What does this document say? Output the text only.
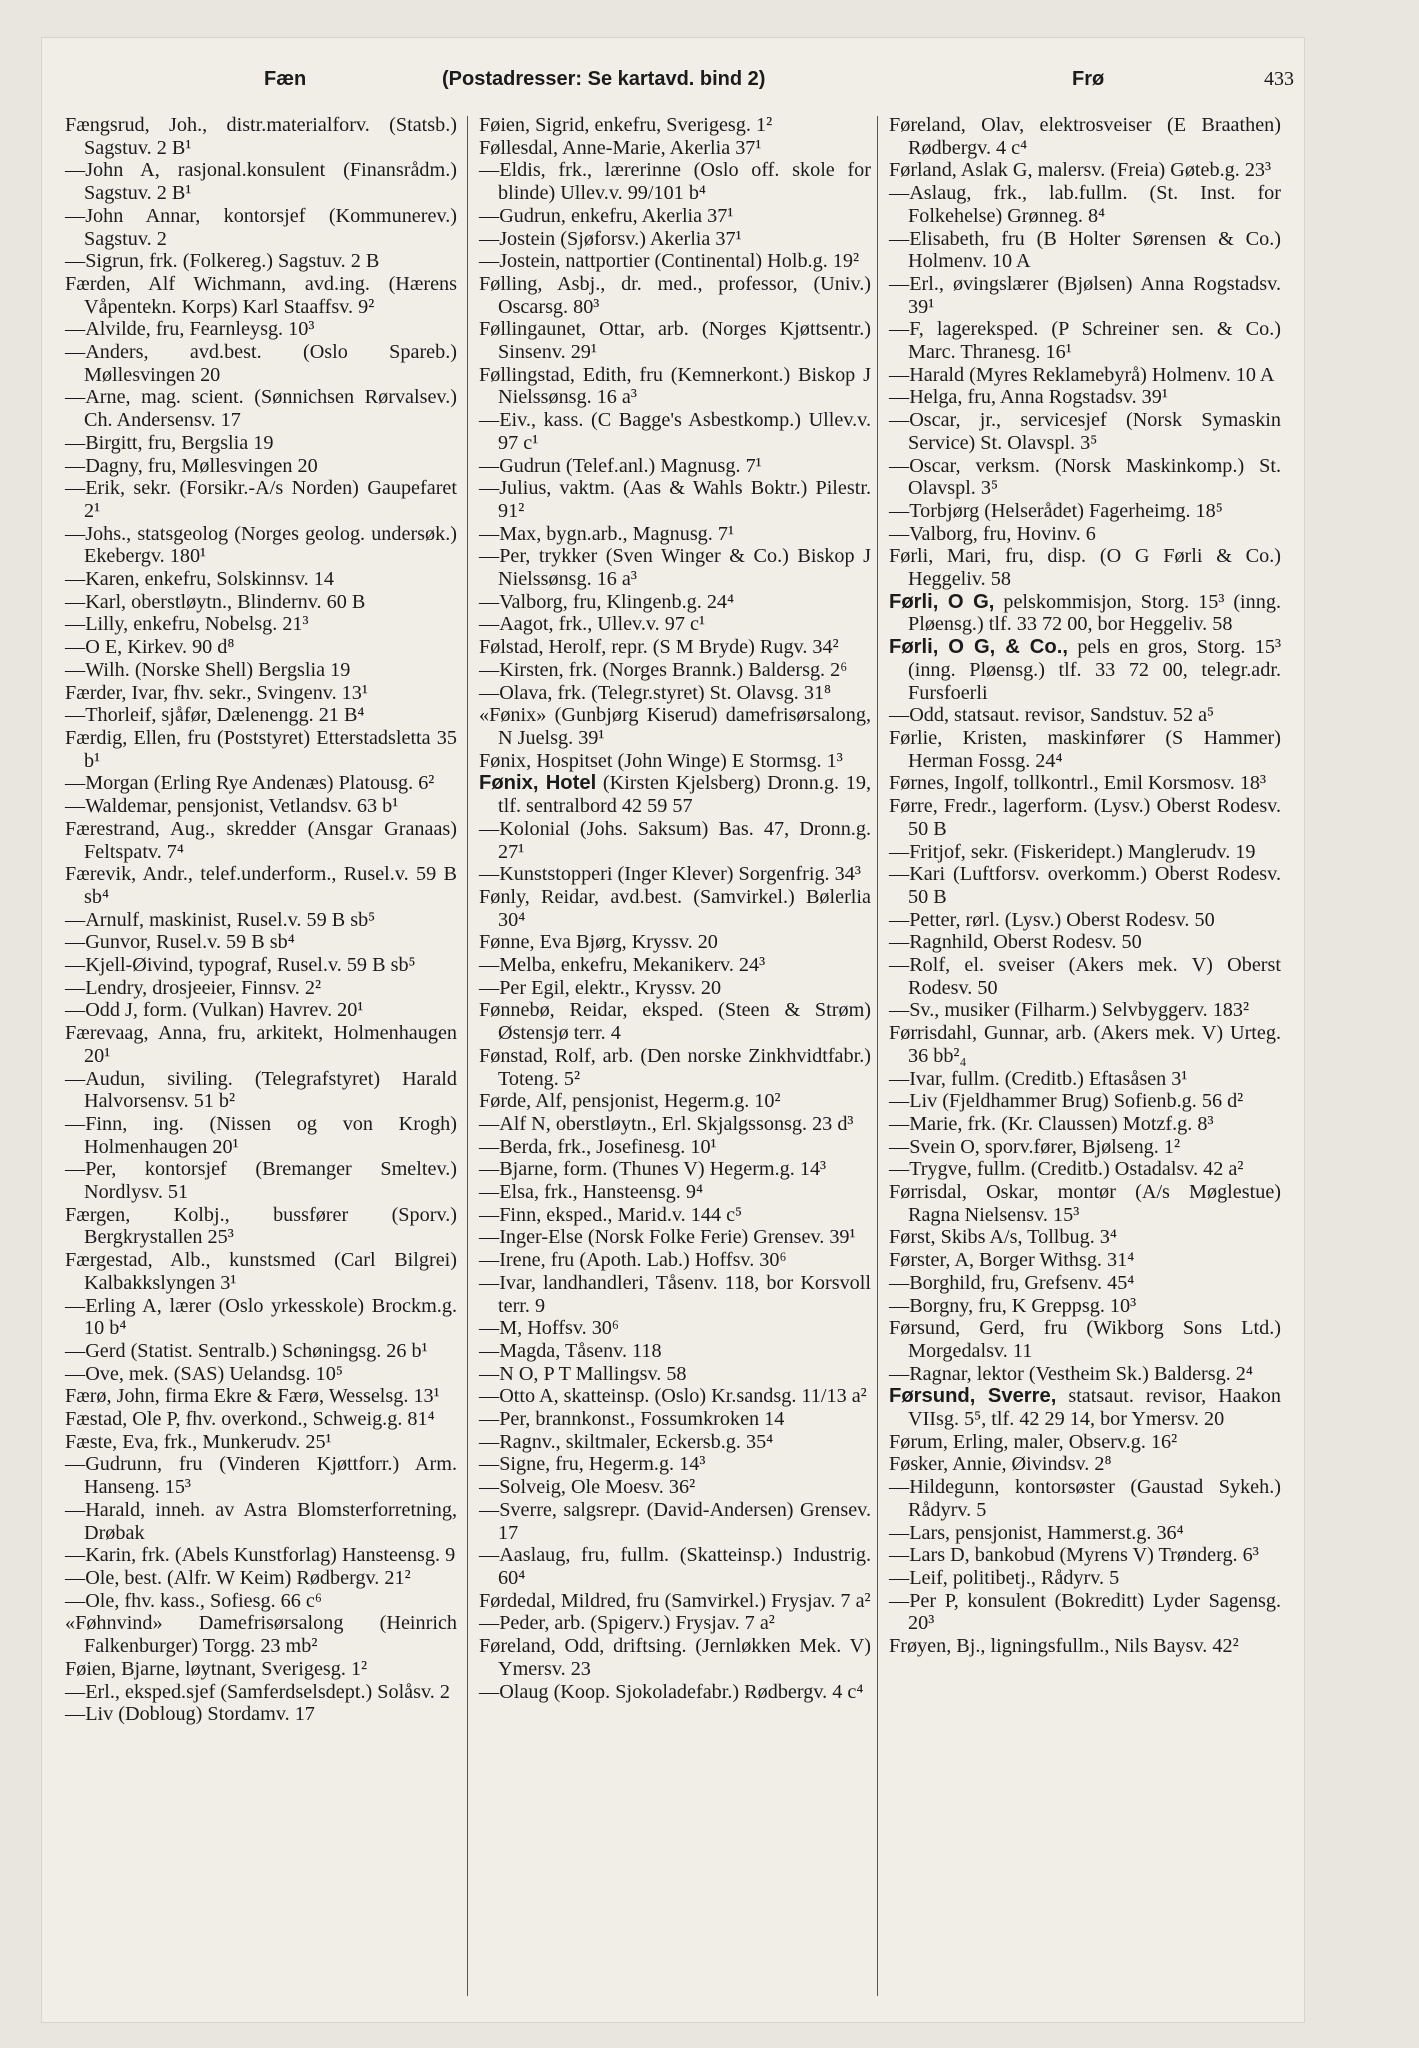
Fæn	(Postadresser: Se kartavd. bind 2)	Frø	433
Fængsrud, Joh., distr.materialforv. (Statsb.) Sagstuv. 2 B¹
—John A, rasjonal.konsulent (Finansrådm.) Sagstuv. 2 B¹
—John Annar, kontorsjef (Kommunerev.) Sagstuv. 2
—Sigrun, frk. (Folkereg.) Sagstuv. 2 B
Færden, Alf Wichmann, avd.ing. (Hærens Våpentekn. Korps) Karl Staaffsv. 9²
—Alvilde, fru, Fearnleysg. 10³
—Anders, avd.best. (Oslo Spareb.) Møllesvingen 20
—Arne, mag. scient. (Sønnichsen Rørvalsev.) Ch. Andersensv. 17
—Birgitt, fru, Bergslia 19
—Dagny, fru, Møllesvingen 20
—Erik, sekr. (Forsikr.-A/s Norden) Gaupefaret 2¹
—Johs., statsgeolog (Norges geolog. undersøk.) Ekebergv. 180¹
—Karen, enkefru, Solskinnsv. 14
—Karl, oberstløytn., Blindernv. 60 B
—Lilly, enkefru, Nobelsg. 21³
—O E, Kirkev. 90 d⁸
—Wilh. (Norske Shell) Bergslia 19
Færder, Ivar, fhv. sekr., Svingenv. 13¹
—Thorleif, sjåfør, Dælenengg. 21 B⁴
Færdig, Ellen, fru (Poststyret) Etterstadsletta 35 b¹
—Morgan (Erling Rye Andenæs) Platousg. 6²
—Waldemar, pensjonist, Vetlandsv. 63 b¹
Færestrand, Aug., skredder (Ansgar Granaas) Feltspatv. 7⁴
Færevik, Andr., telef.underform., Rusel.v. 59 B sb⁴
—Arnulf, maskinist, Rusel.v. 59 B sb⁵
—Gunvor, Rusel.v. 59 B sb⁴
—Kjell-Øivind, typograf, Rusel.v. 59 B sb⁵
—Lendry, drosjeeier, Finnsv. 2²
—Odd J, form. (Vulkan) Havrev. 20¹
Færevaag, Anna, fru, arkitekt, Holmenhaugen 20¹
—Audun, siviling. (Telegrafstyret) Harald Halvorsensv. 51 b²
—Finn, ing. (Nissen og von Krogh) Holmenhaugen 20¹
—Per, kontorsjef (Bremanger Smeltev.) Nordlysv. 51
Færgen, Kolbj., bussfører (Sporv.) Bergkrystallen 25³
Færgestad, Alb., kunstsmed (Carl Bilgrei) Kalbakkslyngen 3¹
—Erling A, lærer (Oslo yrkesskole) Brockm.g. 10 b⁴
—Gerd (Statist. Sentralb.) Schøningsg. 26 b¹
—Ove, mek. (SAS) Uelandsg. 10⁵
Færø, John, firma Ekre & Færø, Wesselsg. 13¹
Fæstad, Ole P, fhv. overkond., Schweig.g. 81⁴
Fæste, Eva, frk., Munkerudv. 25¹
—Gudrunn, fru (Vinderen Kjøttforr.) Arm. Hanseng. 15³
—Harald, inneh. av Astra Blomsterforretning, Drøbak
—Karin, frk. (Abels Kunstforlag) Hansteensg. 9
—Ole, best. (Alfr. W Keim) Rødbergv. 21²
—Ole, fhv. kass., Sofiesg. 66 c⁶
«Føhnvind» Damefrisørsalong (Heinrich Falkenburger) Torgg. 23 mb²
Føien, Bjarne, løytnant, Sverigesg. 1²
—Erl., eksped.sjef (Samferdselsdept.) Solåsv. 2
—Liv (Dobloug) Stordamv. 17
Føien, Sigrid, enkefru, Sverigesg. 1²
Føllesdal, Anne-Marie, Akerlia 37¹
—Eldis, frk., lærerinne (Oslo off. skole for blinde) Ullev.v. 99/101 b⁴
—Gudrun, enkefru, Akerlia 37¹
—Jostein (Sjøforsv.) Akerlia 37¹
—Jostein, nattportier (Continental) Holb.g. 19²
Følling, Asbj., dr. med., professor, (Univ.) Oscarsg. 80³
Føllingaunet, Ottar, arb. (Norges Kjøttsentr.) Sinsenv. 29¹
Føllingstad, Edith, fru (Kemnerkont.) Biskop J Nielssønsg. 16 a³
—Eiv., kass. (C Bagge's Asbestkomp.) Ullev.v. 97 c¹
—Gudrun (Telef.anl.) Magnusg. 7¹
—Julius, vaktm. (Aas & Wahls Boktr.) Pilestr. 91²
—Max, bygn.arb., Magnusg. 7¹
—Per, trykker (Sven Winger & Co.) Biskop J Nielssønsg. 16 a³
—Valborg, fru, Klingenb.g. 24⁴
—Aagot, frk., Ullev.v. 97 c¹
Følstad, Herolf, repr. (S M Bryde) Rugv. 34²
—Kirsten, frk. (Norges Brannk.) Baldersg. 2⁶
—Olava, frk. (Telegr.styret) St. Olavsg. 31⁸
«Fønix» (Gunbjørg Kiserud) damefrisørsalong, N Juelsg. 39¹
Fønix, Hospitset (John Winge) E Stormsg. 1³
Fønix, Hotel (Kirsten Kjelsberg) Dronn.g. 19, tlf. sentralbord 42 59 57
—Kolonial (Johs. Saksum) Bas. 47, Dronn.g. 27¹
—Kunststopperi (Inger Klever) Sorgenfrig. 34³
Fønly, Reidar, avd.best. (Samvirkel.) Bølerlia 30⁴
Fønne, Eva Bjørg, Kryssv. 20
—Melba, enkefru, Mekanikerv. 24³
—Per Egil, elektr., Kryssv. 20
Fønnebø, Reidar, eksped. (Steen & Strøm) Østensjø terr. 4
Fønstad, Rolf, arb. (Den norske Zinkhvidtfabr.) Toteng. 5²
Førde, Alf, pensjonist, Hegerm.g. 10²
—Alf N, oberstløytn., Erl. Skjalgssonsg. 23 d³
—Berda, frk., Josefinesg. 10¹
—Bjarne, form. (Thunes V) Hegerm.g. 14³
—Elsa, frk., Hansteensg. 9⁴
—Finn, eksped., Marid.v. 144 c⁵
—Inger-Else (Norsk Folke Ferie) Grensev. 39¹
—Irene, fru (Apoth. Lab.) Hoffsv. 30⁶
—Ivar, landhandleri, Tåsenv. 118, bor Korsvoll terr. 9
—M, Hoffsv. 30⁶
—Magda, Tåsenv. 118
—N O, P T Mallingsv. 58
—Otto A, skatteinsp. (Oslo) Kr.sandsg. 11/13 a²
—Per, brannkonst., Fossumkroken 14
—Ragnv., skiltmaler, Eckersb.g. 35⁴
—Signe, fru, Hegerm.g. 14³
—Solveig, Ole Moesv. 36²
—Sverre, salgsrepr. (David-Andersen) Grensev. 17
—Aaslaug, fru, fullm. (Skatteinsp.) Industrig. 60⁴
Førdedal, Mildred, fru (Samvirkel.) Frysjav. 7 a²
—Peder, arb. (Spigerv.) Frysjav. 7 a²
Føreland, Odd, driftsing. (Jernløkken Mek. V) Ymersv. 23
—Olaug (Koop. Sjokoladefabr.) Rødbergv. 4 c⁴
Føreland, Olav, elektrosveiser (E Braathen) Rødbergv. 4 c⁴
Førland, Aslak G, malersv. (Freia) Gøteb.g. 23³
—Aslaug, frk., lab.fullm. (St. Inst. for Folkehelse) Grønneg. 8⁴
—Elisabeth, fru (B Holter Sørensen & Co.) Holmenv. 10 A
—Erl., øvingslærer (Bjølsen) Anna Rogstadsv. 39¹
—F, lagereksped. (P Schreiner sen. & Co.) Marc. Thranesg. 16¹
—Harald (Myres Reklamebyrå) Holmenv. 10 A
—Helga, fru, Anna Rogstadsv. 39¹
—Oscar, jr., servicesjef (Norsk Symaskin Service) St. Olavspl. 3⁵
—Oscar, verksm. (Norsk Maskinkomp.) St. Olavspl. 3⁵
—Torbjørg (Helserådet) Fagerheimg. 18⁵
—Valborg, fru, Hovinv. 6
Førli, Mari, fru, disp. (O G Førli & Co.) Heggeliv. 58
Førli, O G, pelskommisjon, Storg. 15³ (inng. Pløensg.) tlf. 33 72 00, bor Heggeliv. 58
Førli, O G, & Co., pels en gros, Storg. 15³ (inng. Pløensg.) tlf. 33 72 00, telegr.adr. Fursfoerli
—Odd, statsaut. revisor, Sandstuv. 52 a⁵
Førlie, Kristen, maskinfører (S Hammer) Herman Fossg. 24⁴
Førnes, Ingolf, tollkontrl., Emil Korsmosv. 18³
Førre, Fredr., lagerform. (Lysv.) Oberst Rodesv. 50 B
—Fritjof, sekr. (Fiskeridept.) Manglerudv. 19
—Kari (Luftforsv. overkomm.) Oberst Rodesv. 50 B
—Petter, rørl. (Lysv.) Oberst Rodesv. 50
—Ragnhild, Oberst Rodesv. 50
—Rolf, el. sveiser (Akers mek. V) Oberst Rodesv. 50
—Sv., musiker (Filharm.) Selvbyggerv. 183²
Førrisdahl, Gunnar, arb. (Akers mek. V) Urteg. 36 bb²₄
—Ivar, fullm. (Creditb.) Eftasåsen 3¹
—Liv (Fjeldhammer Brug) Sofienb.g. 56 d²
—Marie, frk. (Kr. Claussen) Motzf.g. 8³
—Svein O, sporv.fører, Bjølseng. 1²
—Trygve, fullm. (Creditb.) Ostadalsv. 42 a²
Førrisdal, Oskar, montør (A/s Møglestue) Ragna Nielsensv. 15³
Først, Skibs A/s, Tollbug. 3⁴
Førster, A, Borger Withsg. 31⁴
—Borghild, fru, Grefsenv. 45⁴
—Borgny, fru, K Greppsg. 10³
Førsund, Gerd, fru (Wikborg Sons Ltd.) Morgedalsv. 11
—Ragnar, lektor (Vestheim Sk.) Baldersg. 2⁴
Førsund, Sverre, statsaut. revisor, Haakon VIIsg. 5⁵, tlf. 42 29 14, bor Ymersv. 20
Førum, Erling, maler, Observ.g. 16²
Føsker, Annie, Øivindsv. 2⁸
—Hildegunn, kontorsøster (Gaustad Sykeh.) Rådyrv. 5
—Lars, pensjonist, Hammerst.g. 36⁴
—Lars D, bankobud (Myrens V) Trønderg. 6³
—Leif, politibetj., Rådyrv. 5
—Per P, konsulent (Bokreditt) Lyder Sagensg. 20³
Frøyen, Bj., ligningsfullm., Nils Baysv. 42²
